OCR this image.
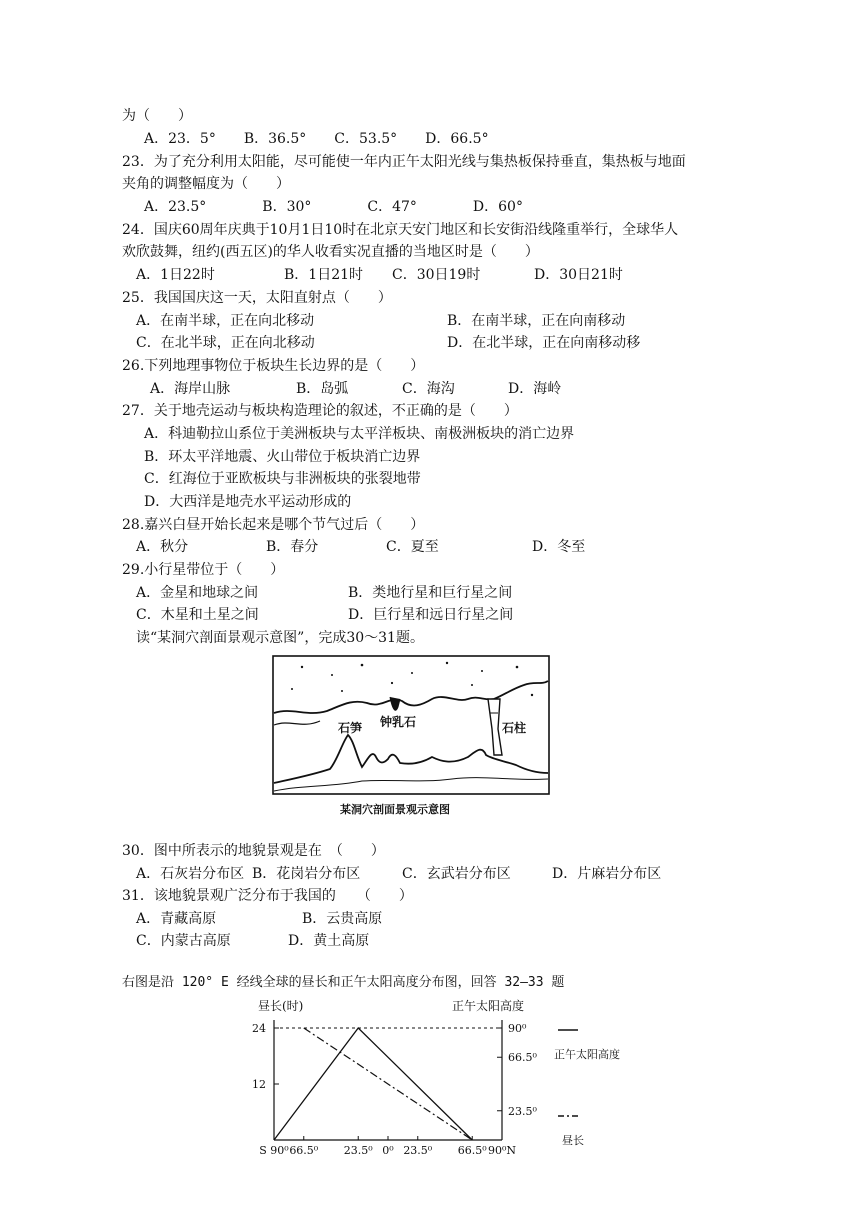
为（　　）
A．23．5°　　B．36.5°　　C．53.5°　　D．66.5°
23．为了充分利用太阳能，尽可能使一年内正午太阳光线与集热板保持垂直，集热板与地面
夹角的调整幅度为（　　）
A．23.5°　　　　B．30°　　　　C．47°　　　　D．60°
24．国庆60周年庆典于10月1日10时在北京天安门地区和长安街沿线隆重举行，全球华人
欢欣鼓舞，纽约(西五区)的华人收看实况直播的当地区时是（　　）
A．1日22时	B．1日21时 C．30日19时	D．30日21时
25．我国国庆这一天，太阳直射点（　　）
A．在南半球，正在向北移动	B．在南半球，正在向南移动
C．在北半球，正在向北移动	D．在北半球，正在向南移动移
26.下列地理事物位于板块生长边界的是（　　）
A．海岸山脉	B．岛弧	C．海沟	D．海岭
27．关于地壳运动与板块构造理论的叙述，不正确的是（　　）
A．科迪勒拉山系位于美洲板块与太平洋板块、南极洲板块的消亡边界
B．环太平洋地震、火山带位于板块消亡边界
C．红海位于亚欧板块与非洲板块的张裂地带
D．大西洋是地壳水平运动形成的
28.嘉兴白昼开始长起来是哪个节气过后（　　）
A．秋分	B．春分	C．夏至	D．冬至
29.小行星带位于（　　）
A．金星和地球之间	B．类地行星和巨行星之间
C．木星和土星之间	D．巨行星和远日行星之间
读“某洞穴剖面景观示意图”，完成30～31题。
钟乳石
石笋	石柱
某洞穴剖面景观示意图
30．图中所表示的地貌景观是在　（　　）
A．石灰岩分布区 B．花岗岩分布区	C．玄武岩分布区	D．片麻岩分布区
31．该地貌景观广泛分布于我国的　　（　　）
A．青藏高原	B．云贵高原
C．内蒙古高原	D．黄土高原
右图是沿 120° E 经线全球的昼长和正午太阳高度分布图，回答 32—33 题
24
12
90⁰
66.5⁰
23.5⁰
S 90⁰ 66.5⁰ 23.5⁰ 0⁰ 23.5⁰ 66.5⁰ 90⁰N
正午太阳高度
昼长
昼长(时)	正午太阳高度
